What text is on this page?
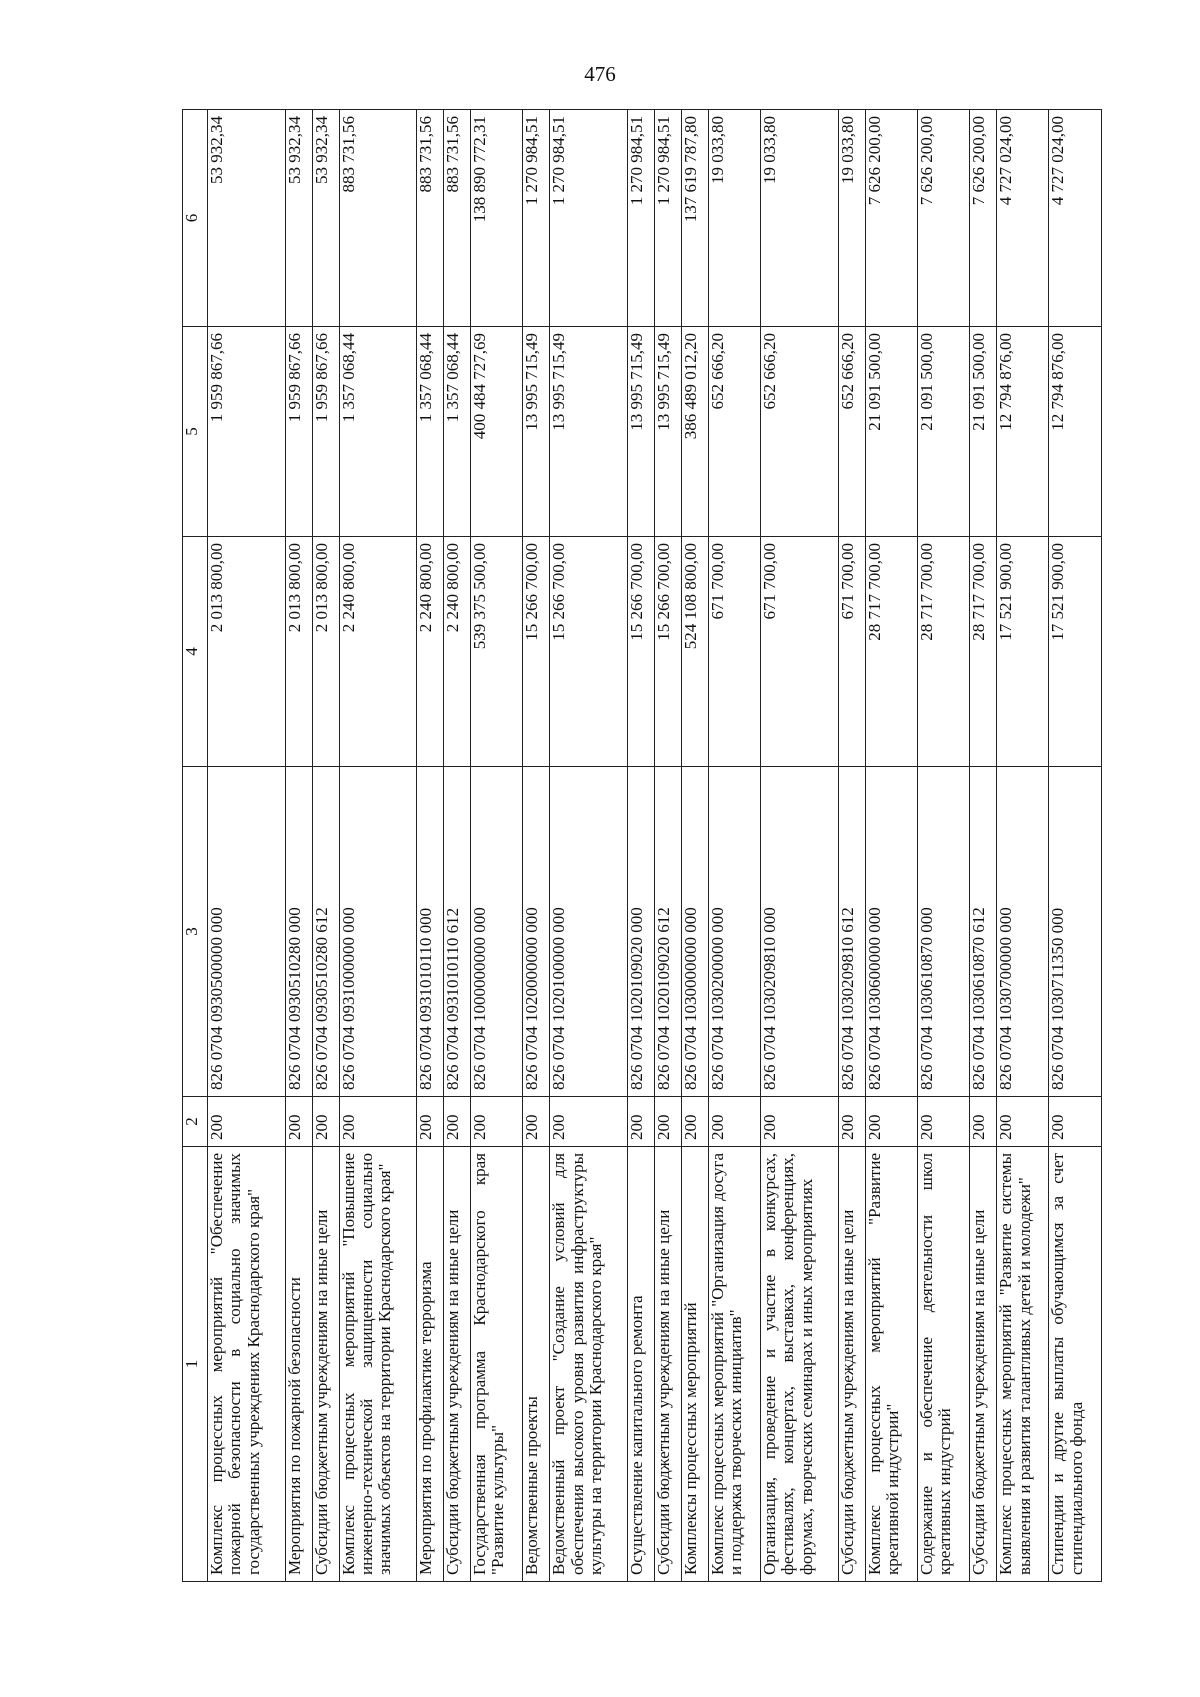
476
1	2	3	4	5	6
Комплекс процессных мероприятий "Обеспечение пожарной безопасности в социально значимых государственных учреждениях Краснодарского края"	200	826 0704 0930500000 000	2 013 800,00	1 959 867,66	53 932,34
Мероприятия по пожарной безопасности	200	826 0704 0930510280 000	2 013 800,00	1 959 867,66	53 932,34
Субсидии бюджетным учреждениям на иные цели	200	826 0704 0930510280 612	2 013 800,00	1 959 867,66	53 932,34
Комплекс процессных мероприятий "Повышение инженерно-технической защищенности социально значимых объектов на территории Краснодарского края"	200	826 0704 0931000000 000	2 240 800,00	1 357 068,44	883 731,56
Мероприятия по профилактике терроризма	200	826 0704 0931010110 000	2 240 800,00	1 357 068,44	883 731,56
Субсидии бюджетным учреждениям на иные цели	200	826 0704 0931010110 612	2 240 800,00	1 357 068,44	883 731,56
Государственная программа Краснодарского края "Развитие культуры"	200	826 0704 1000000000 000	539 375 500,00	400 484 727,69	138 890 772,31
Ведомственные проекты	200	826 0704 1020000000 000	15 266 700,00	13 995 715,49	1 270 984,51
Ведомственный проект "Создание условий для обеспечения высокого уровня развития инфраструктуры культуры на территории Краснодарского края"	200	826 0704 1020100000 000	15 266 700,00	13 995 715,49	1 270 984,51
Осуществление капитального ремонта	200	826 0704 1020109020 000	15 266 700,00	13 995 715,49	1 270 984,51
Субсидии бюджетным учреждениям на иные цели	200	826 0704 1020109020 612	15 266 700,00	13 995 715,49	1 270 984,51
Комплексы процессных мероприятий	200	826 0704 1030000000 000	524 108 800,00	386 489 012,20	137 619 787,80
Комплекс процессных мероприятий "Организация досуга и поддержка творческих инициатив"	200	826 0704 1030200000 000	671 700,00	652 666,20	19 033,80
Организация, проведение и участие в конкурсах, фестивалях, концертах, выставках, конференциях, форумах, творческих семинарах и иных мероприятиях	200	826 0704 1030209810 000	671 700,00	652 666,20	19 033,80
Субсидии бюджетным учреждениям на иные цели	200	826 0704 1030209810 612	671 700,00	652 666,20	19 033,80
Комплекс процессных мероприятий "Развитие креативной индустрии"	200	826 0704 1030600000 000	28 717 700,00	21 091 500,00	7 626 200,00
Содержание и обеспечение деятельности школ креативных индустрий	200	826 0704 1030610870 000	28 717 700,00	21 091 500,00	7 626 200,00
Субсидии бюджетным учреждениям на иные цели	200	826 0704 1030610870 612	28 717 700,00	21 091 500,00	7 626 200,00
Комплекс процессных мероприятий "Развитие системы выявления и развития талантливых детей и молодежи"	200	826 0704 1030700000 000	17 521 900,00	12 794 876,00	4 727 024,00
Стипендии и другие выплаты обучающимся за счет стипендиального фонда	200	826 0704 1030711350 000	17 521 900,00	12 794 876,00	4 727 024,00
